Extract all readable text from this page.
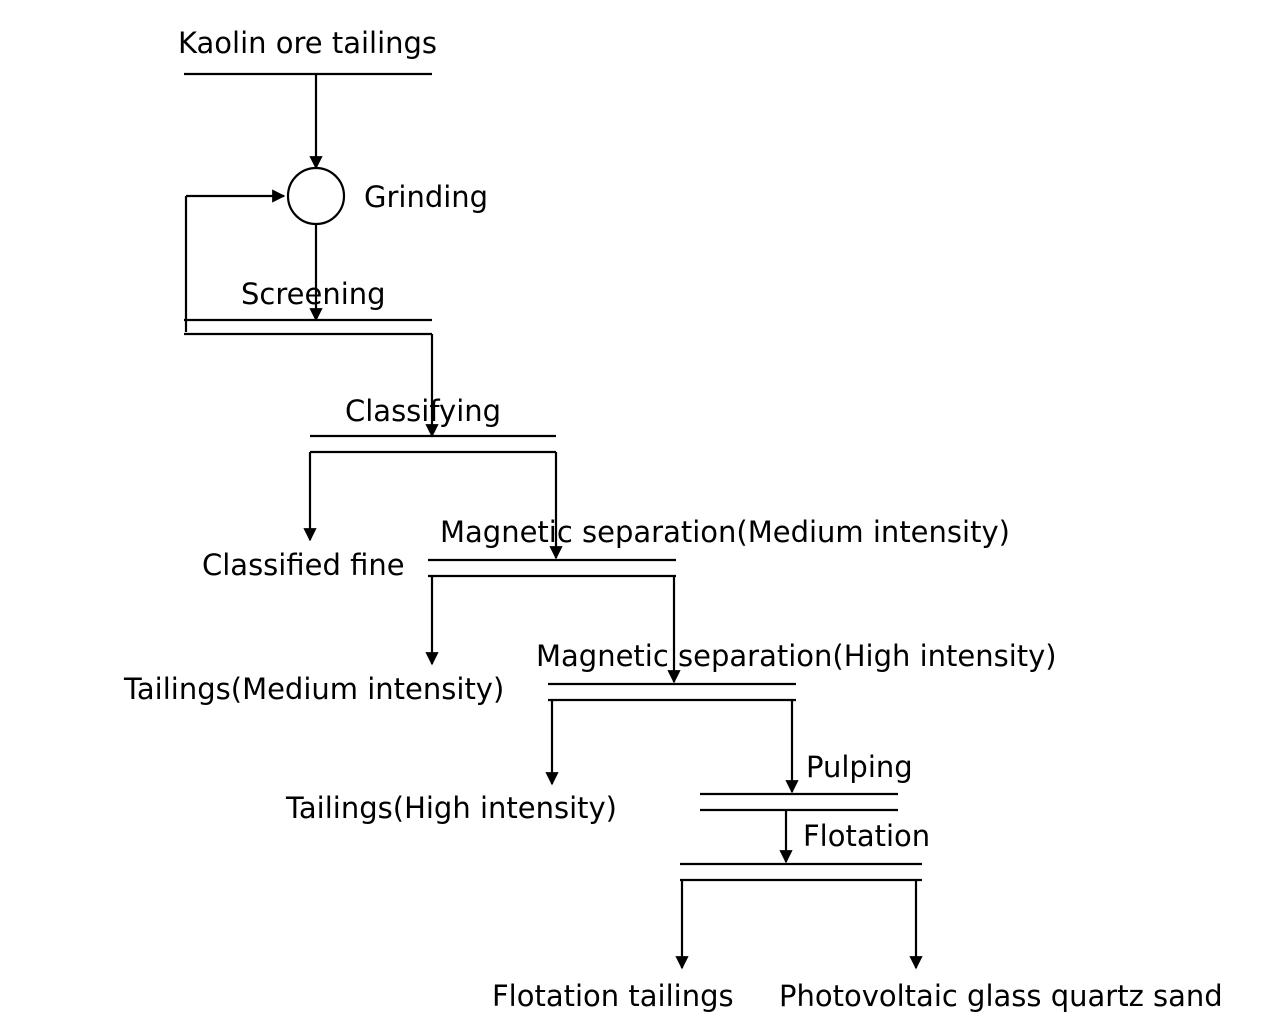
Kaolin ore tailings
Grinding
Screening
Classifying
Classified fine
Magnetic separation(Medium intensity)
Tailings(Medium intensity)
Magnetic separation(High intensity)
Tailings(High intensity)
Pulping
Flotation
Flotation tailings Photovoltaic glass quartz sand
